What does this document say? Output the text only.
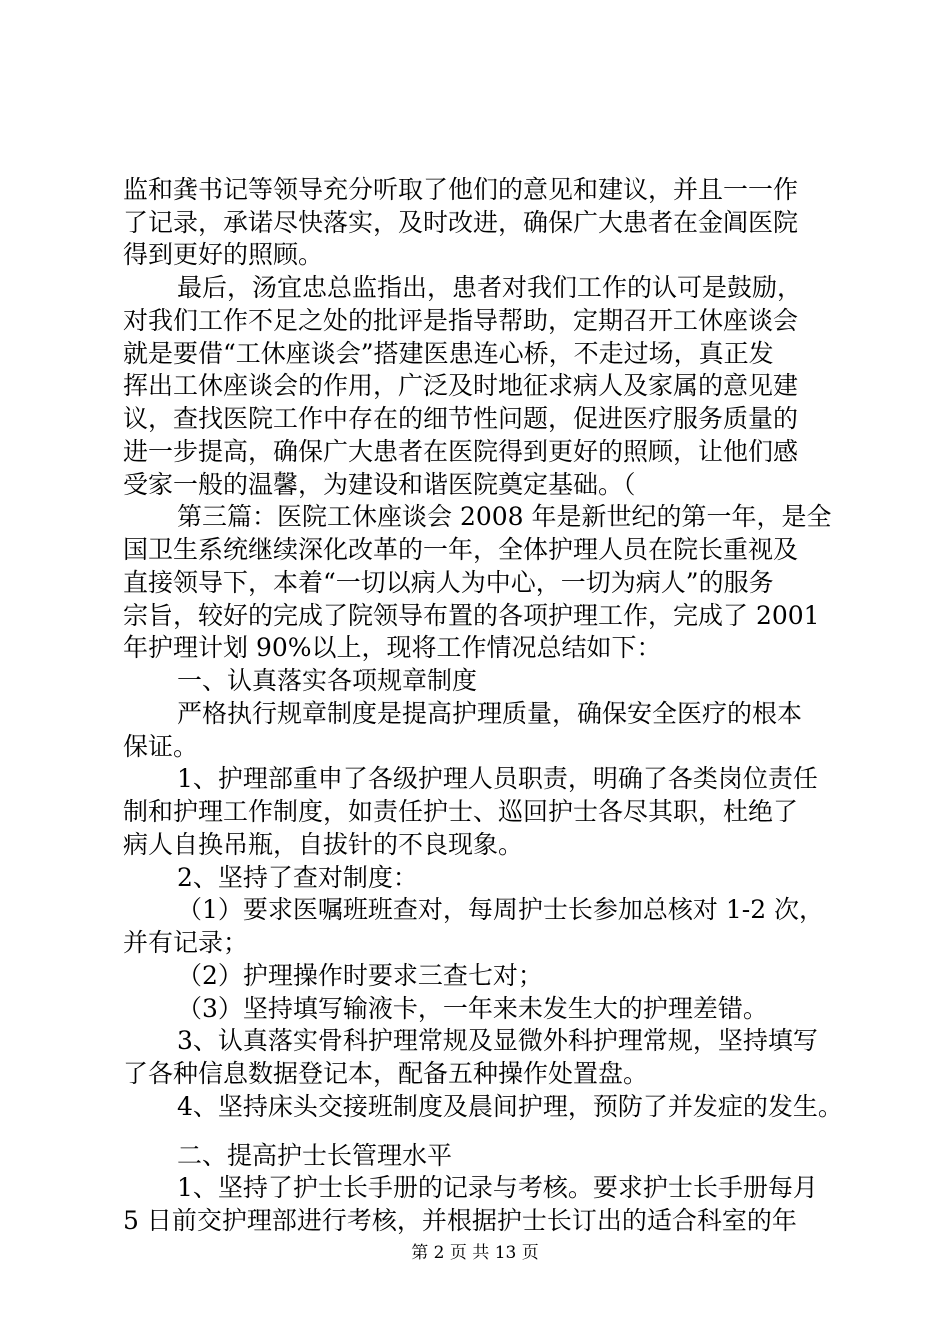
监和龚书记等领导充分听取了他们的意见和建议，并且一一作
了记录，承诺尽快落实，及时改进，确保广大患者在金阊医院
得到更好的照顾。
最后，汤宜忠总监指出，患者对我们工作的认可是鼓励，
对我们工作不足之处的批评是指导帮助，定期召开工休座谈会
就是要借“工休座谈会”搭建医患连心桥，不走过场，真正发
挥出工休座谈会的作用，广泛及时地征求病人及家属的意见建
议，查找医院工作中存在的细节性问题，促进医疗服务质量的
进一步提高，确保广大患者在医院得到更好的照顾，让他们感
受家一般的温馨，为建设和谐医院奠定基础。（
第三篇：医院工休座谈会 2008 年是新世纪的第一年，是全
国卫生系统继续深化改革的一年，全体护理人员在院长重视及
直接领导下，本着“一切以病人为中心，一切为病人”的服务
宗旨，较好的完成了院领导布置的各项护理工作，完成了 2001
年护理计划 90%以上，现将工作情况总结如下：
一、认真落实各项规章制度
严格执行规章制度是提高护理质量，确保安全医疗的根本
保证。
1、护理部重申了各级护理人员职责，明确了各类岗位责任
制和护理工作制度，如责任护士、巡回护士各尽其职，杜绝了
病人自换吊瓶，自拔针的不良现象。
2、坚持了查对制度：
（1）要求医嘱班班查对，每周护士长参加总核对 1-2 次，
并有记录；
（2）护理操作时要求三查七对；
（3）坚持填写输液卡，一年来未发生大的护理差错。
3、认真落实骨科护理常规及显微外科护理常规，坚持填写
了各种信息数据登记本，配备五种操作处置盘。
4、坚持床头交接班制度及晨间护理，预防了并发症的发生。
二、提高护士长管理水平
1、坚持了护士长手册的记录与考核。要求护士长手册每月
5 日前交护理部进行考核，并根据护士长订出的适合科室的年
第 2 页 共 13 页
